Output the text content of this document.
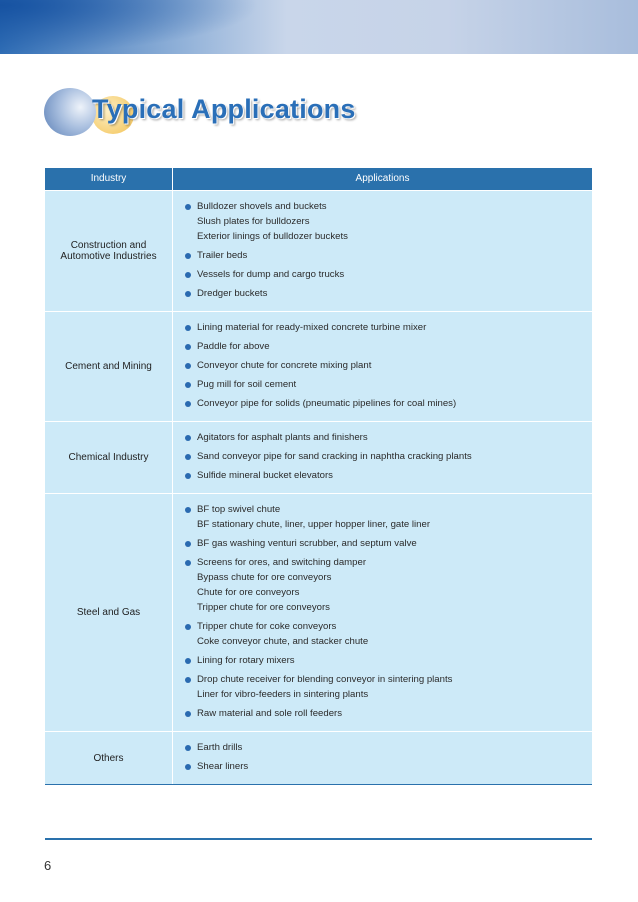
Typical Applications
Industry	Applications
Construction and Automotive Industries
Bulldozer shovels and buckets
Slush plates for bulldozers
Exterior linings of bulldozer buckets
Trailer beds
Vessels for dump and cargo trucks
Dredger buckets
Cement and Mining
Lining material for ready-mixed concrete turbine mixer
Paddle for above
Conveyor chute for concrete mixing plant
Pug mill for soil cement
Conveyor pipe for solids (pneumatic pipelines for coal mines)
Chemical Industry
Agitators for asphalt plants and finishers
Sand conveyor pipe for sand cracking in naphtha cracking plants
Sulfide mineral bucket elevators
Steel and Gas
BF top swivel chute
BF stationary chute, liner, upper hopper liner, gate liner
BF gas washing venturi scrubber, and septum valve
Screens for ores, and switching damper
Bypass chute for ore conveyors
Chute for ore conveyors
Tripper chute for ore conveyors
Tripper chute for coke conveyors
Coke conveyor chute, and stacker chute
Lining for rotary mixers
Drop chute receiver for blending conveyor in sintering plants
Liner for vibro-feeders in sintering plants
Raw material and sole roll feeders
Others
Earth drills
Shear liners
6
